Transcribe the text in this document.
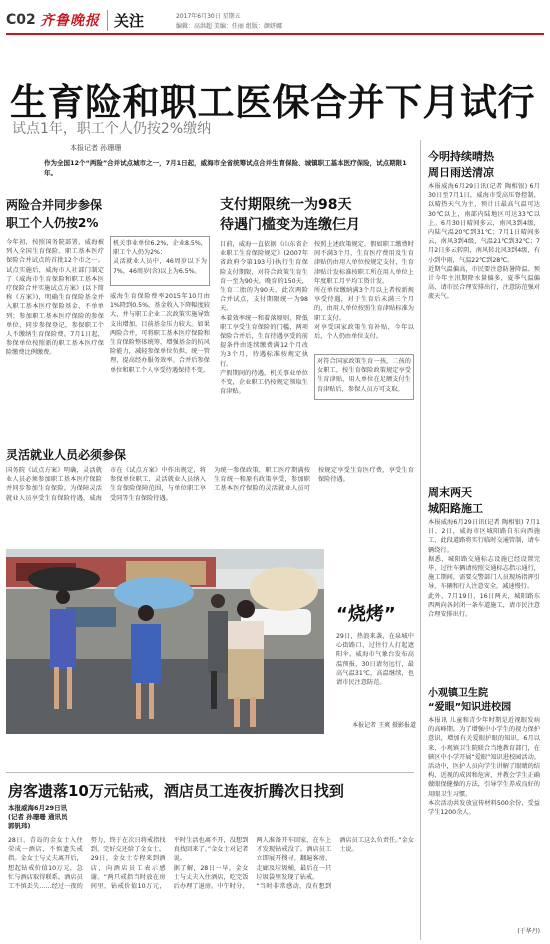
C02 齐鲁晚报 关注	2017年6月30日 星期五
编辑：高洪超 美编：任丽 组版：颜妍娜
生育险和职工医保合并下月试行
试点1年，职工个人仍按2%缴纳
本报记者 孙珊珊
作为全国12个“两险”合并试点城市之一，7月1日起，威海市全省统筹试点合并生育保险、城镇职工基本医疗保险，试点期限1年。
两险合并同步参保
职工个人仍按2%
今年初，按照国务院部署，威海被列入全国生育保险、职工基本医疗保险合并试点的首批12个市之一。试点实施后，威海市人社部门制定了《威海市生育保险和职工基本医疗保险合并实施试点方案》(以下简称《方案》)，明确生育保险基金并入职工基本医疗保险基金，不单单列；参加职工基本医疗保险的参保单位，同步参保登记，参保职工个人不缴纳生育保险费。7月1日起，参保单位按照新的职工基本医疗保险缴费比例缴费。
机关事业单位6.2%，企业8.5%，职工个人仍为2%；
灵活就业人员中，46周岁以下为7%，46周岁(含)以上为6.5%。
威海生育保险费率2015年10月由1%降到0.5%，基金收入下降幅度较大，并与职工企业二次政策实施导致支出增加，目前基金压力较大。如果两险合并，可将职工基本医疗保险和生育保险整体统筹，增强基金的抗风险能力，减轻参保单位负担，统一管理，提高经办服务效率。合并后参保单位和职工个人享受待遇保持不变。
支付期限统一为98天
待遇门槛变为连缴仨月
目前，威海一直依据《山东省企业职工生育保险规定》(2007年省政府令第193号)执行生育保险支付期限，对符合政策生育生育一至为90天，晚育的150天，生育二胎的为90天，此次两险合并试点，支付期限统一为98天。
本着效率统一和着落原则，降低职工享受生育保险的门槛，两项保险合并后，生育待遇享受的前提条件由连续缴费满12个月改为3个月，待遇标准按规定执行。
产假期间的待遇，机关事业单位不变，企业职工仍按规定领取生育津贴。
按照上述政策规定，假如职工缴费时间不满3个月，生育医疗费用及生育津贴仍由用人单位按规定支付，生育津贴计发标准按职工所在用人单位上年度职工月平均工资计发。
所在单位缴纳满3个月以上者按新规享受待遇，对于生育后未满三个月的，由用人单位按照生育津贴标准为职工支付。
对享受国家政策生育补贴，今年以后，个人仍由单位支付。
对符合国家政策生育一孩，二孩的女职工，按生育保险政策规定享受生育津贴，用人单位在足额支付生育津贴后，参保人员方可支取。
灵活就业人员必须参保
国务院《试点方案》明确，灵活就业人员必须参加职工基本医疗保险并同步参加生育保险。为保障灵活就业人员享受生育保险待遇，威海市在《试点方案》中作出规定，将参保单位职工、灵活就业人员纳入生育保险保障范围，与单位职工享受同等生育保险待遇。
为统一参保政策，职工医疗期满按生育统一和原有政策享受，参加职工基本医疗保险的灵活就业人员可按规定享受生育医疗费，享受生育保险待遇。
“烧烤”
29日，热浪来袭，在泉城中心街路口，过往行人打起遮阳伞。威海市气象台发布高温预报，30日请勿远行，最高气温31℃，高温继续，也请市民注意防范。
本报记者 王爽 摄影报道
房客遗落10万元钻戒，酒店员工连夜折腾次日找到
本报威海6月29日讯(记者 孙珊珊 通讯员 郭钒玮)
28日，青岛的金女士入住荣成一酒店，不慎遗失戒指。金女士与丈夫离开后，想起钻戒价值10万元，急忙与酒店取得联系。酒店员工不慎丢失……经过一夜的努力，终于在次日将戒指找到，完好交还给了金女士。
29日，金女士专程来到酒店，向酒店员工表示感谢。“两只戒指当时放在房间里，钻戒价值10万元，平时生活也离不开，没想到真找回来了。”金女士对记者说。
据了解，28日一早，金女士与丈夫入住酒店，吃完饭后办理了退房。中午时分，两人准备开车回家，在车上才发现钻戒没了。酒店员工立即展开搜寻，翻遍客房、走廊及垃圾桶，最后在一只垃圾袋里发现了钻戒。
“当时非常感动，没有想到酒店员工这么负责任。”金女士说。
今明持续晴热
周日雨送清凉
本报威海6月29日讯(记者 陶相银) 6月30日至7月1日，威海市受高压脊控制，以晴热天气为主，预计日最高气温可达30℃以上，南部内陆地区可达33℃以上。6月30日晴间多云，南风3到4级，内陆气温20℃到31℃；7月1日晴间多云，南风3到4级，气温21℃到32℃；7月2日多云转阴，南风转北风3到4级，有小到中雨，气温22℃到28℃。
近期气温偏高，市民要注意防暑降温。预计今年主汛期降水量偏多，夏季气温偏高，请市民合理安排出行，注意防范强对流天气。
周末两天
城阳路施工
本报威海6月29日讯(记者 陶相银) 7月1日、2日，威海市区城阳路自东向西施工，此段道路将实行临时交通管制，请车辆绕行。
据悉，城阳路交通标志设施已经设置完毕，过往车辆请按照交通标志指示通行，施工期间，需要交警部门人员现场指挥引导，车辆和行人注意安全，减速慢行。
此外，7月19日、16日两天，城阳路东西两向各封闭一条车道施工，请市民注意合理安排出行。
小观镇卫生院
“爱眼”知识进校园
本报讯 儿童和青少年时期是近视眼发病的高峰期。为了增强中小学生的视力保护意识，增加有关爱眼护眼的知识，6月以来，小观镇卫生院联合当地教育部门，在辖区中小学开展“爱眼”知识进校园活动。活动中，医护人员向学生讲解了眼睛的结构、近视的成因和危害，并教会学生正确做眼保健操的方法，引导学生养成良好的用眼卫生习惯。
本次活动共发放宣传材料500余份，受益学生1200余人。
(于华丹)
